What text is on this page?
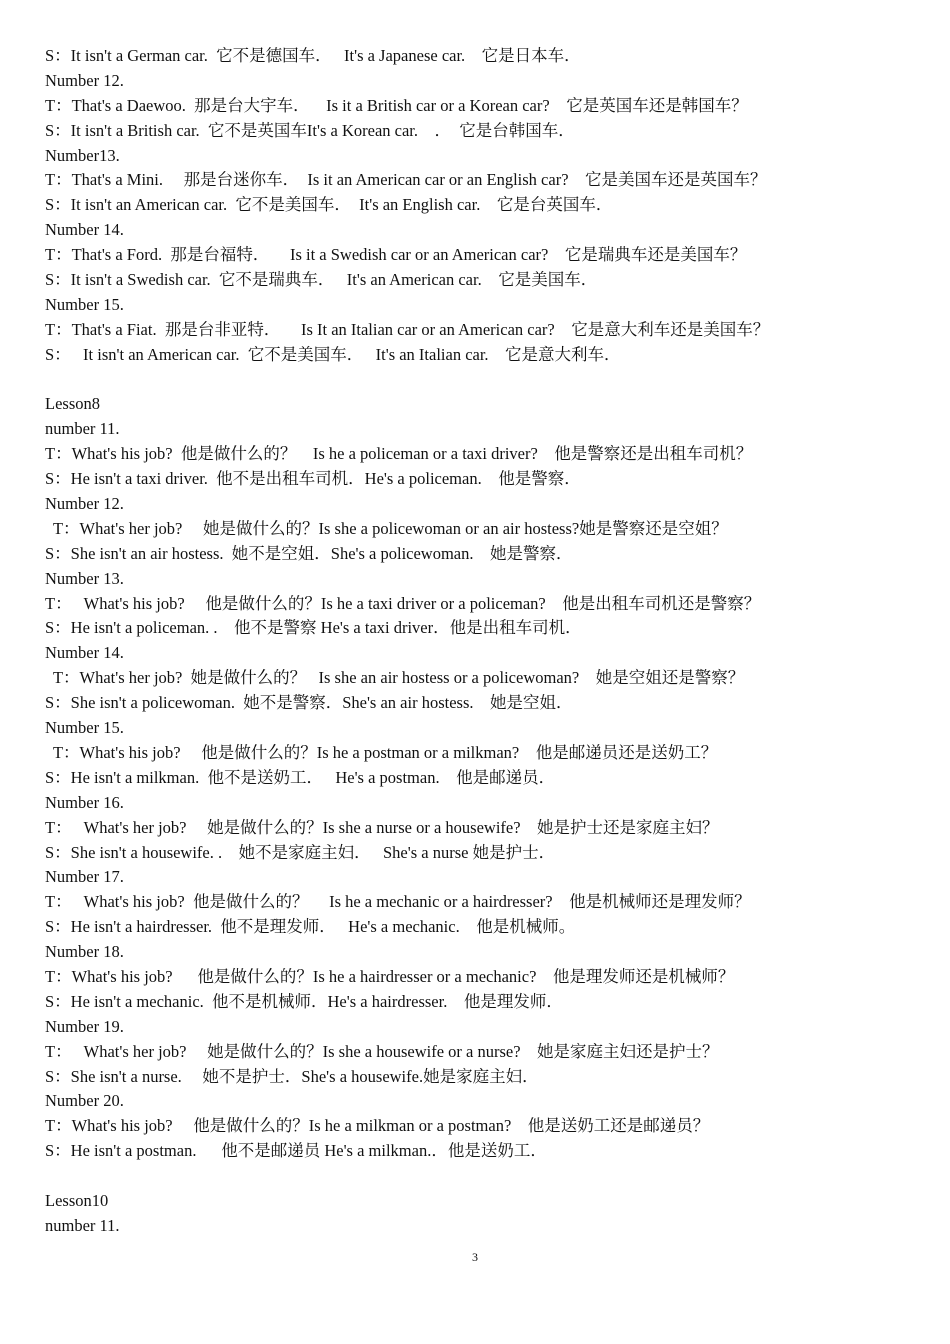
S：It isn't a German car.  它不是德国车．   It's a Japanese car.    它是日本车．
Number 12.
T：That's a Daewoo.  那是台大宇车．    Is it a British car or a Korean car?    它是英国车还是韩国车？
S：It isn't a British car.  它不是英国车It's a Korean car.    ．  它是台韩国车．
Number13.
T：That's a Mini.     那是台迷你车．  Is it an American car or an English car?    它是美国车还是英国车？
S：It isn't an American car.  它不是美国车．  It's an English car.    它是台英国车．
Number 14.
T：That's a Ford.  那是台福特．     Is it a Swedish car or an American car?    它是瑞典车还是美国车？
S：It isn't a Swedish car.  它不是瑞典车．   It's an American car.    它是美国车．
Number 15.
T：That's a Fiat.  那是台非亚特．     Is It an Italian car or an American car?    它是意大利车还是美国车？
S：   It isn't an American car.  它不是美国车．   It's an Italian car.    它是意大利车．
Lesson8
number 11.
T：What's his job?  他是做什么的？    Is he a policeman or a taxi driver?    他是警察还是出租车司机？
S：He isn't a taxi driver.  他不是出租车司机．He's a policeman.    他是警察．
Number 12.
T：What's her job?     她是做什么的？Is she a policewoman or an air hostess?她是警察还是空姐？
S：She isn't an air hostess.  她不是空姐．She's a policewoman.    她是警察．
Number 13.
T：   What's his job?     他是做什么的？Is he a taxi driver or a policeman?    他是出租车司机还是警察？
S：He isn't a policeman. .    他不是警察 He's a taxi driver．他是出租车司机．
Number 14.
T：What's her job?  她是做什么的？   Is she an air hostess or a policewoman?    她是空姐还是警察？
S：She isn't a policewoman.  她不是警察．She's an air hostess.    她是空姐．
Number 15.
T：What's his job?     他是做什么的？Is he a postman or a milkman?    他是邮递员还是送奶工？
S：He isn't a milkman.  他不是送奶工．   He's a postman.    他是邮递员．
Number 16.
T：   What's her job?     她是做什么的？Is she a nurse or a housewife?    她是护士还是家庭主妇？
S：She isn't a housewife. .    她不是家庭主妇．   She's a nurse 她是护士．
Number 17.
T：   What's his job?  他是做什么的？     Is he a mechanic or a hairdresser?    他是机械师还是理发师？
S：He isn't a hairdresser.  他不是理发师．   He's a mechanic.    他是机械师。
Number 18.
T：What's his job?      他是做什么的？Is he a hairdresser or a mechanic?    他是理发师还是机械师？
S：He isn't a mechanic.  他不是机械师．He's a hairdresser.    他是理发师．
Number 19.
T：   What's her job?     她是做什么的？Is she a housewife or a nurse?    她是家庭主妇还是护士？
S：She isn't a nurse.     她不是护士．She's a housewife.她是家庭主妇．
Number 20.
T：What's his job?     他是做什么的？Is he a milkman or a postman?    他是送奶工还是邮递员？
S：He isn't a postman.      他不是邮递员 He's a milkman.．他是送奶工．
Lesson10
number 11.
3
